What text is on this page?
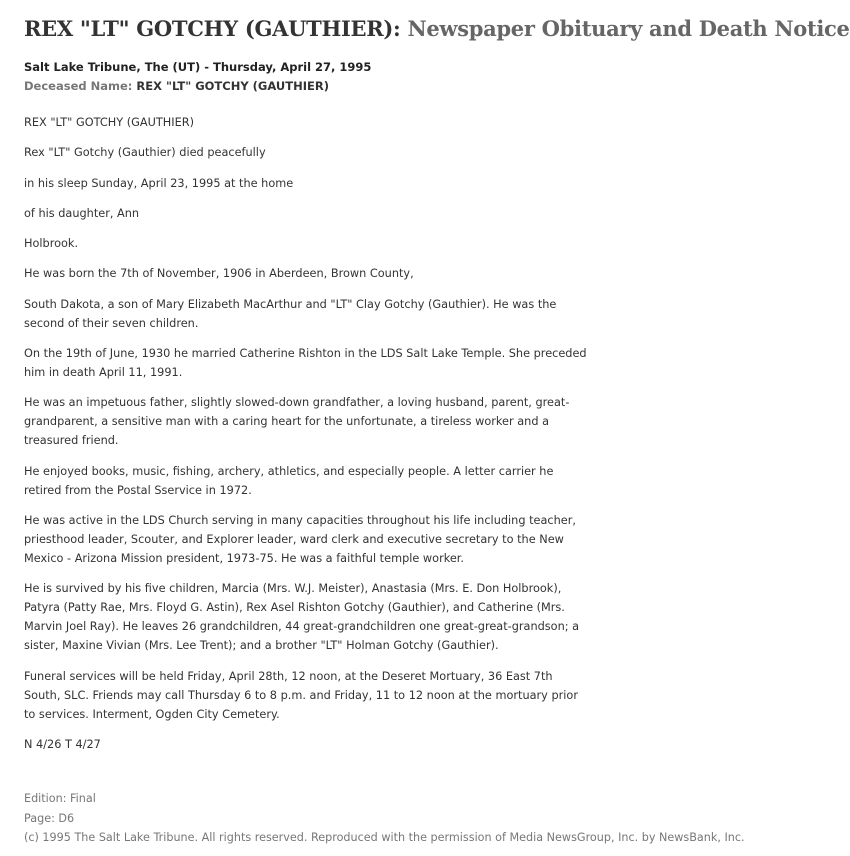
REX "LT" GOTCHY (GAUTHIER): Newspaper Obituary and Death Notice
Salt Lake Tribune, The (UT) - Thursday, April 27, 1995
Deceased Name: REX "LT" GOTCHY (GAUTHIER)

REX "LT" GOTCHY (GAUTHIER)

Rex "LT" Gotchy (Gauthier) died peacefully

in his sleep Sunday, April 23, 1995 at the home

of his daughter, Ann

Holbrook.

He was born the 7th of November, 1906 in Aberdeen, Brown County,

South Dakota, a son of Mary Elizabeth MacArthur and "LT" Clay Gotchy (Gauthier). He was the second of their seven children.

On the 19th of June, 1930 he married Catherine Rishton in the LDS Salt Lake Temple. She preceded him in death April 11, 1991.

He was an impetuous father, slightly slowed-down grandfather, a loving husband, parent, great-grandparent, a sensitive man with a caring heart for the unfortunate, a tireless worker and a treasured friend.

He enjoyed books, music, fishing, archery, athletics, and especially people. A letter carrier he retired from the Postal Sservice in 1972.

He was active in the LDS Church serving in many capacities throughout his life including teacher, priesthood leader, Scouter, and Explorer leader, ward clerk and executive secretary to the New Mexico - Arizona Mission president, 1973-75. He was a faithful temple worker.

He is survived by his five children, Marcia (Mrs. W.J. Meister), Anastasia (Mrs. E. Don Holbrook), Patyra (Patty Rae, Mrs. Floyd G. Astin), Rex Asel Rishton Gotchy (Gauthier), and Catherine (Mrs. Marvin Joel Ray). He leaves 26 grandchildren, 44 great-grandchildren one great-great-grandson; a sister, Maxine Vivian (Mrs. Lee Trent); and a brother "LT" Holman Gotchy (Gauthier).

Funeral services will be held Friday, April 28th, 12 noon, at the Deseret Mortuary, 36 East 7th South, SLC. Friends may call Thursday 6 to 8 p.m. and Friday, 11 to 12 noon at the mortuary prior to services. Interment, Ogden City Cemetery.

N 4/26 T 4/27

Edition: Final
Page: D6
(c) 1995 The Salt Lake Tribune. All rights reserved. Reproduced with the permission of Media NewsGroup, Inc. by NewsBank, Inc.
